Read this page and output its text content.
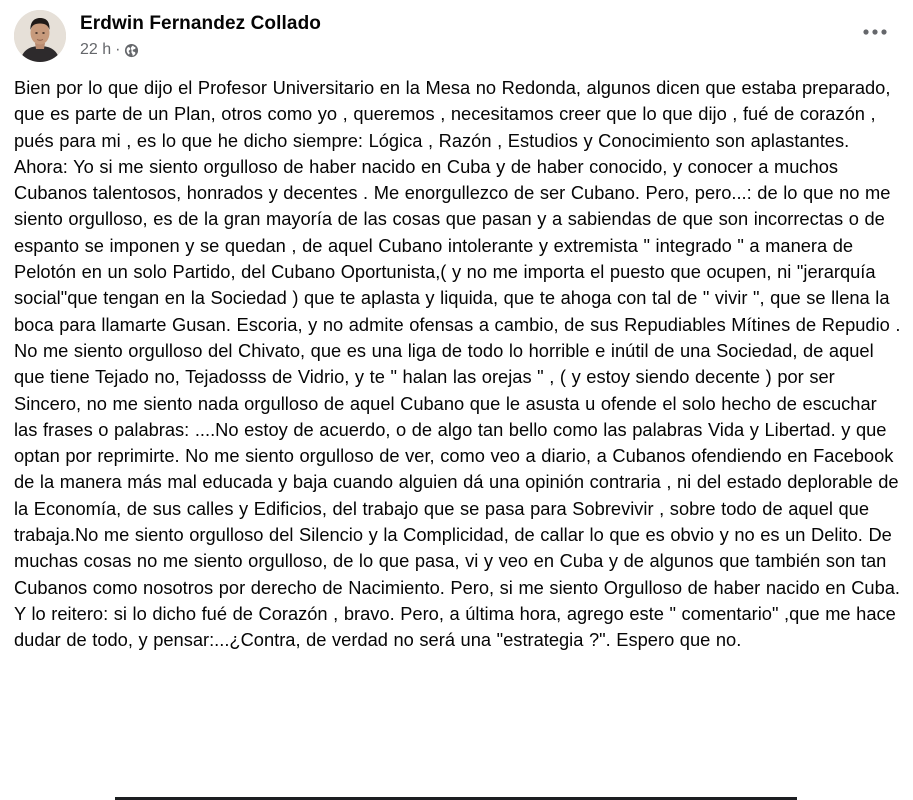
Erdwin Fernandez Collado
22 h ·
Bien por lo que dijo el Profesor Universitario en la Mesa no Redonda, algunos dicen que estaba preparado, que es parte de un Plan, otros como yo , queremos , necesitamos creer que lo que dijo , fué de corazón , pués para mi , es lo que he dicho siempre: Lógica , Razón , Estudios y Conocimiento son aplastantes. Ahora: Yo si me siento orgulloso de haber nacido en Cuba y de haber conocido, y conocer a muchos Cubanos talentosos, honrados y decentes . Me enorgullezco de ser Cubano. Pero, pero...: de lo que no me siento orgulloso, es de la gran mayoría de las cosas que pasan y a sabiendas de que son incorrectas o de espanto se imponen y se quedan , de aquel Cubano intolerante y extremista " integrado " a manera de Pelotón en un solo Partido, del Cubano Oportunista,( y no me importa el puesto que ocupen, ni "jerarquía social"que tengan en la Sociedad ) que te aplasta y liquida, que te ahoga con tal de " vivir ", que se llena la boca para llamarte Gusan. Escoria, y no admite ofensas a cambio, de sus Repudiables Mítines de Repudio . No me siento orgulloso del Chivato, que es una liga de todo lo horrible e inútil de una Sociedad, de aquel que tiene Tejado no, Tejadosss de Vidrio, y te " halan las orejas " , ( y estoy siendo decente ) por ser Sincero, no me siento nada orgulloso de aquel Cubano que le asusta u ofende el solo hecho de escuchar las frases o palabras: ....No estoy de acuerdo, o de algo tan bello como las palabras Vida y Libertad. y que optan por reprimirte. No me siento orgulloso de ver, como veo a diario, a Cubanos ofendiendo en Facebook de la manera más mal educada y baja cuando alguien dá una opinión contraria , ni del estado deplorable de la Economía, de sus calles y Edificios, del trabajo que se pasa para Sobrevivir , sobre todo de aquel que trabaja.No me siento orgulloso del Silencio y la Complicidad, de callar lo que es obvio y no es un Delito. De muchas cosas no me siento orgulloso, de lo que pasa, vi y veo en Cuba y de algunos que también son tan Cubanos como nosotros por derecho de Nacimiento. Pero, si me siento Orgulloso de haber nacido en Cuba. Y lo reitero: si lo dicho fué de Corazón , bravo. Pero, a última hora, agrego este " comentario" ,que me hace dudar de todo, y pensar:...¿Contra, de verdad no será una "estrategia ?". Espero que no.
